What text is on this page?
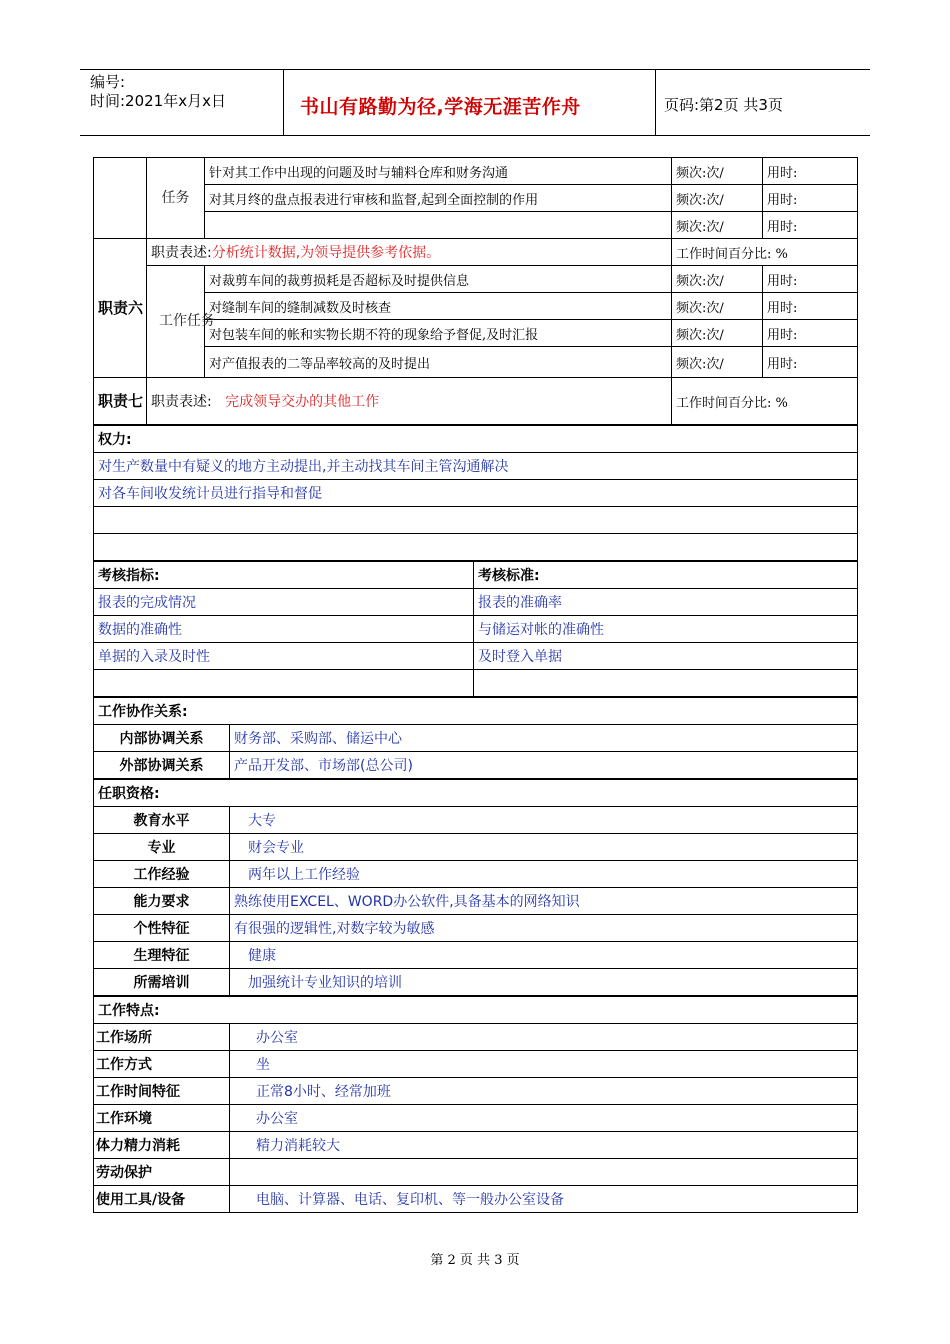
编号:
时间:2021年x月x日	书山有路勤为径,学海无涯苦作舟	页码:第2页 共3页
	任务	针对其工作中出现的问题及时与辅料仓库和财务沟通			频次:次/	用时:
		对其月终的盘点报表进行审核和监督,起到全面控制的作用			频次:次/	用时:
					频次:次/	用时:
职责六	职责表述:分析统计数据,为领导提供参考依据。				工作时间百分比: %	
	工作任务	对裁剪车间的裁剪损耗是否超标及时提供信息			频次:次/	用时:
		对缝制车间的缝制减数及时核查			频次:次/	用时:
		对包装车间的帐和实物长期不符的现象给予督促,及时汇报			频次:次/	用时:
		对产值报表的二等品率较高的及时提出			频次:次/	用时:
职责七	职责表述: 完成领导交办的其他工作				工作时间百分比: %	
权力:						
对生产数量中有疑义的地方主动提出,并主动找其车间主管沟通解决						
对各车间收发统计员进行指导和督促						

考核指标:				考核标准:		
报表的完成情况				报表的准确率		
数据的准确性				与储运对帐的准确性		
单据的入录及时性				及时登入单据		

工作协作关系:						
内部协调关系			财务部、采购部、储运中心			
外部协调关系			产品开发部、市场部(总公司)			
任职资格:						
教育水平			大专			
专业			财会专业			
工作经验			两年以上工作经验			
能力要求			熟练使用EXCEL、WORD办公软件,具备基本的网络知识			
个性特征			有很强的逻辑性,对数字较为敏感			
生理特征			健康			
所需培训			加强统计专业知识的培训			
工作特点:						
工作场所			办公室			
工作方式			坐			
工作时间特征			正常8小时、经常加班			
工作环境			办公室			
体力精力消耗			精力消耗较大			
劳动保护						
使用工具/设备			电脑、计算器、电话、复印机、等一般办公室设备			
第 2 页 共 3 页
